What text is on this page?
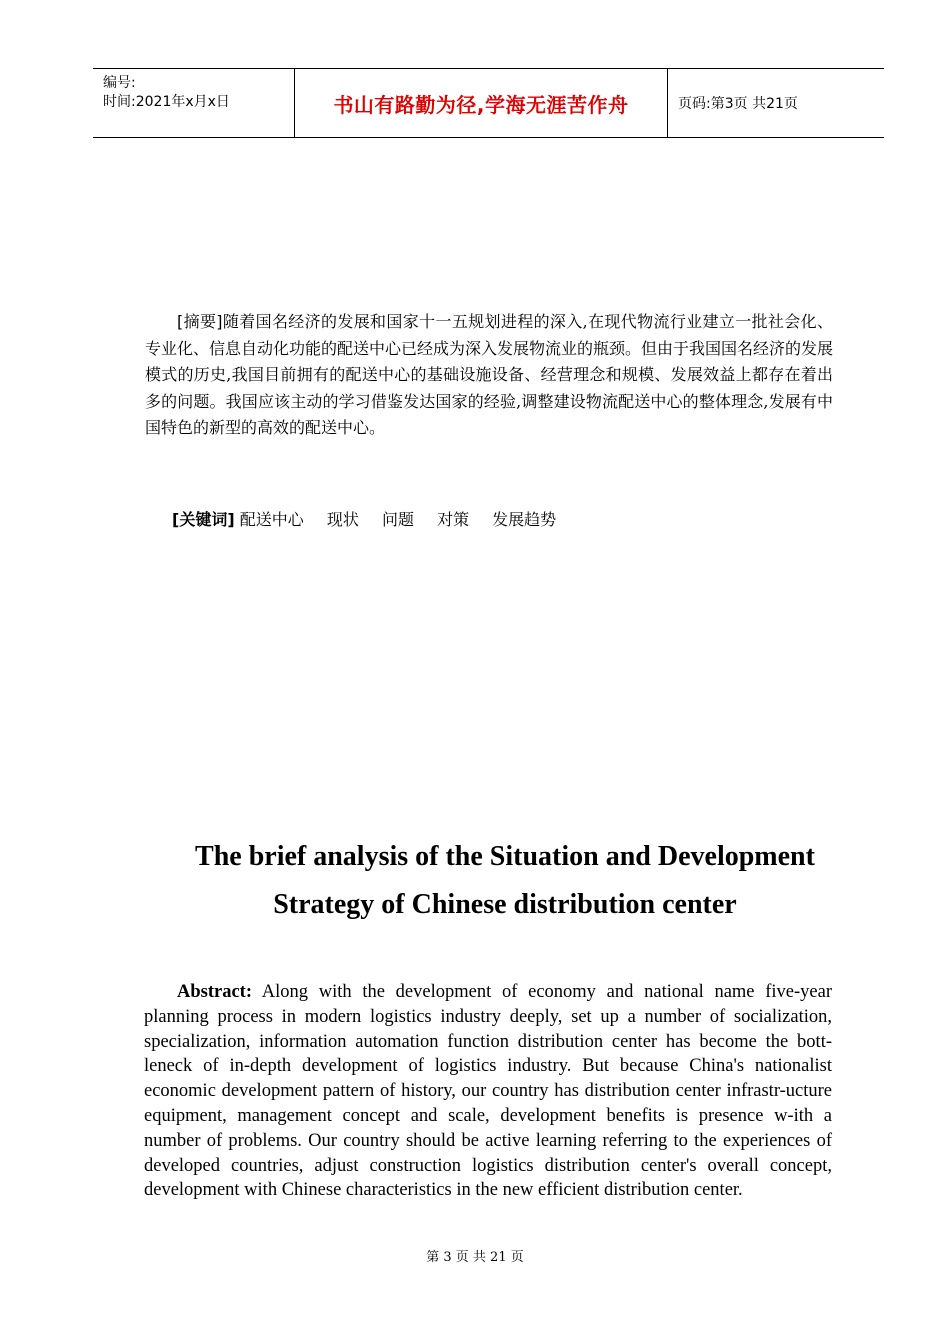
编号:
时间:2021年x月x日	书山有路勤为径,学海无涯苦作舟	页码:第3页 共21页
[摘要]随着国名经济的发展和国家十一五规划进程的深入,在现代物流行业建立一批社会化、专业化、信息自动化功能的配送中心已经成为深入发展物流业的瓶颈。但由于我国国名经济的发展模式的历史,我国目前拥有的配送中心的基础设施设备、经营理念和规模、发展效益上都存在着出多的问题。我国应该主动的学习借鉴发达国家的经验,调整建设物流配送中心的整体理念,发展有中国特色的新型的高效的配送中心。
[关键词] 配送中心 现状 问题 对策 发展趋势
The brief analysis of the Situation and Development
Strategy of Chinese distribution center
Abstract: Along with the development of economy and national name five-year planning process in modern logistics industry deeply, set up a number of socialization, specialization, information automation function distribution center has become the bott-leneck of in-depth development of logistics industry. But because China's nationalist economic development pattern of history, our country has distribution center infrastr-ucture equipment, management concept and scale, development benefits is presence w-ith a number of problems. Our country should be active learning referring to the experiences of developed countries, adjust construction logistics distribution center's overall concept, development with Chinese characteristics in the new efficient distribution center.
第 3 页 共 21 页
